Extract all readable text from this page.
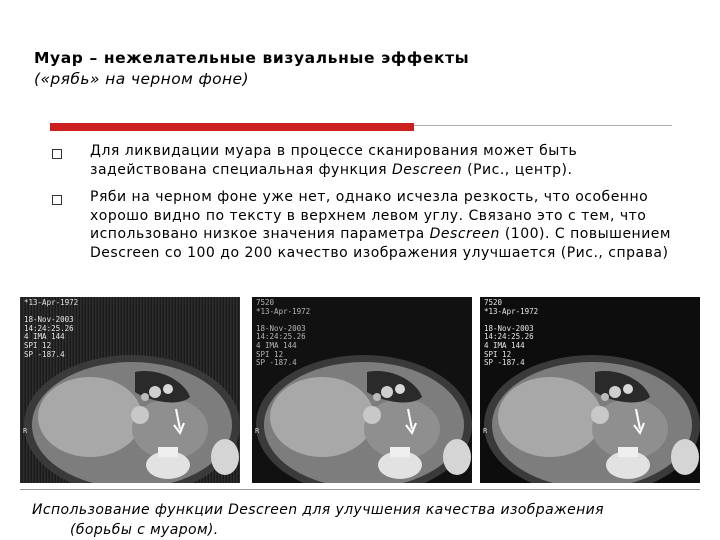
Муар – нежелательные визуальные эффекты
(«рябь» на черном фоне)
Для ликвидации муара в процессе сканирования может быть задействована специальная функция Descreen (Рис., центр).
Ряби на черном фоне уже нет, однако исчезла резкость, что особенно хорошо видно по тексту в верхнем левом углу. Связано это с тем, что использовано низкое значения параметра Descreen (100). С повышением Descreen со 100 до 200 качество изображения улучшается (Рис., справа)
*13-Apr-1972

18-Nov-2003
14:24:25.26
4 IMA 144
SPI 12
SP -187.4
R
7520
*13-Apr-1972

18-Nov-2003
14:24:25.26
4 IMA 144
SPI 12
SP -187.4
R
7520
*13-Apr-1972

18-Nov-2003
14:24:25.26
4 IMA 144
SPI 12
SP -187.4
R
Использование функции Descreen для улучшения качества изображения
(борьбы с муаром).
